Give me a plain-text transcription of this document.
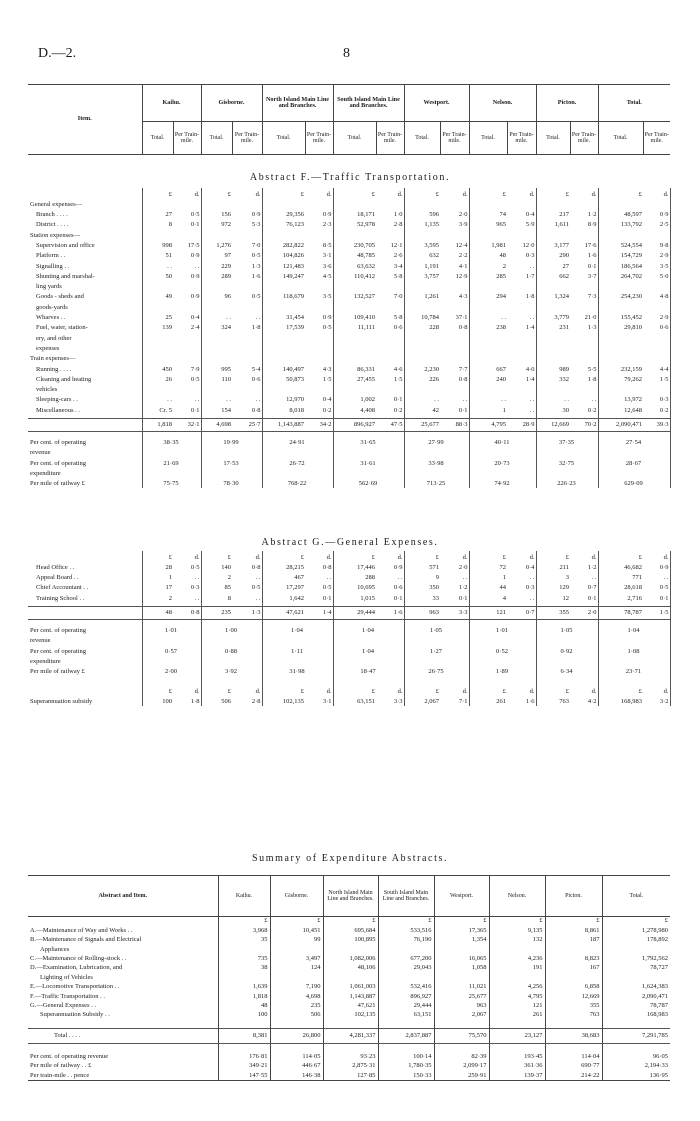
D.—2.	8
Item.	Kaihu.		Gisborne.		North Island Main Line and Branches.		South Island Main Line and Branches.		Westport.		Nelson.		Picton.		Total.	
	Total.	Per Train-mile.	Total.	Per Train-mile.	Total.	Per Train-mile.	Total.	Per Train-mile.	Total.	Per Train-mile.	Total.	Per Train-mile.	Total.	Per Train-mile.	Total.	Per Train-mile.
Abstract F.—Traffic Transportation.
	£	d.	£	d.	£	d.	£	d.	£	d.	£	d.	£	d.	£	d.
General expenses—																
Branch . . . .	27	0·5	156	0·9	29,356	0·9	18,171	1·0	596	2·0	74	0·4	217	1·2	48,597	0·9
District . . . .	8	0·1	972	5·3	76,123	2·3	52,978	2·8	1,135	3·9	965	5·9	1,611	8·9	133,792	2·5
Station expenses—																
Supervision and office	998	17·5	1,276	7·0	282,822	8·5	230,705	12·1	3,595	12·4	1,981	12·0	3,177	17·6	524,554	9·8
Platform . .	51	0·9	97	0·5	104,826	3·1	48,785	2·6	632	2·2	48	0·3	290	1·6	154,729	2·9
Signalling . .	. .	. .	229	1·3	121,483	3·6	63,632	3·4	1,191	4·1	2	. .	27	0·1	186,564	3·5
Shunting and marshal-	50	0·9	289	1·6	149,247	4·5	110,412	5·8	3,757	12·9	285	1·7	662	3·7	264,702	5·0
ling yards																
Goods - sheds and	49	0·9	96	0·5	118,679	3·5	132,527	7·0	1,261	4·3	294	1·8	1,324	7·3	254,230	4·8
goods-yards																
Wharves . .	25	0·4	. .	. .	31,454	0·9	109,410	5·8	10,784	37·1	. .	. .	3,779	21·0	155,452	2·9
Fuel, water, station-	139	2·4	324	1·8	17,539	0·5	11,111	0·6	228	0·8	238	1·4	231	1·3	29,810	0·6
ery, and other																
expenses																
Train expenses—																
Running . . . .	450	7·9	995	5·4	140,497	4·3	86,331	4·6	2,230	7·7	667	4·0	989	5·5	232,159	4·4
Cleaning and heating	26	0·5	110	0·6	50,873	1·5	27,455	1·5	226	0·8	240	1·4	332	1·8	79,262	1·5
vehicles																
Sleeping-cars . .	. .	. .	. .	. .	12,970	0·4	1,002	0·1	. .	. .	. .	. .	. .	. .	13,972	0·3
Miscellaneous . .	Cr. 5	0·1	154	0·8	8,018	0·2	4,408	0·2	42	0·1	1	. .	30	0·2	12,648	0·2

	1,818	32·1	4,698	25·7	1,143,887	34·2	896,927	47·5	25,677	88·3	4,795	28·9	12,669	70·2	2,090,471	39·3

Per cent. of operating	38·35		19·99		24·91		31·65		27·99		40·11		37·35		27·54	
revenue																
Per cent. of operating	21·69		17·53		26·72		31·61		33·98		20·73		32·75		28·67	
expenditure																
Per mile of railway £	75·75		78·30		768·22		562·69		713·25		74·92		226·23		629·09	
Abstract G.—General Expenses.
	£	d.	£	d.	£	d.	£	d.	£	d.	£	d.	£	d.	£	d.
Head Office . .	28	0·5	140	0·8	28,215	0·8	17,446	0·9	571	2·0	72	0·4	211	1·2	46,682	0·9
Appeal Board . .	1	. .	2	. .	467	. .	288	. .	9	. .	1	. .	3	. .	771	. .
Chief Accountant . .	17	0·3	85	0·5	17,297	0·5	10,695	0·6	350	1·2	44	0·3	129	0·7	28,618	0·5
Training School . .	2	. .	8	. .	1,642	0·1	1,015	0·1	33	0·1	4	. .	12	0·1	2,716	0·1

	48	0·8	235	1·3	47,621	1·4	29,444	1·6	963	3·3	121	0·7	355	2·0	78,787	1·5

Per cent. of operating	1·01		1·00		1·04		1·04		1·05		1·01		1·05		1·04	
revenue																
Per cent. of operating	0·57		0·88		1·11		1·04		1·27		0·52		0·92		1·08	
expenditure																
Per mile of railway £	2·00		3·92		31·98		18·47		26·75		1·89		6·34		23·71	

	£	d.	£	d.	£	d.	£	d.	£	d.	£	d.	£	d.	£	d.
Superannuation subsidy	100	1·8	506	2·8	102,135	3·1	63,151	3·3	2,067	7·1	261	1·6	763	4·2	168,983	3·2
Summary of Expenditure Abstracts.
Abstract and Item.	Kaihu.	Gisborne.	North Island Main Line and Branches.	South Island Main Line and Branches.	Westport.	Nelson.	Picton.	Total.
	£	£	£	£	£	£	£	£
A.—Maintenance of Way and Works . .	3,968	10,451	695,684	533,516	17,365	9,135	8,861	1,278,980
B.—Maintenance of Signals and Electrical	35	99	100,895	76,190	1,354	132	187	178,892
Appliances								
C.—Maintenance of Rolling-stock . .	735	3,497	1,082,006	677,200	16,065	4,236	8,823	1,792,562
D.—Examination, Lubrication, and	38	124	48,106	29,043	1,058	191	167	78,727
Lighting of Vehicles								
E.—Locomotive Transportation . .	1,639	7,190	1,061,003	532,416	11,021	4,256	6,858	1,624,383
F.—Traffic Transportation . .	1,818	4,698	1,143,887	896,927	25,677	4,795	12,669	2,090,471
G.—General Expenses . .	48	235	47,621	29,444	963	121	355	78,787
Superannuation Subsidy . .	100	506	102,135	63,151	2,067	261	763	168,983

Total . . . .	8,381	26,800	4,281,337	2,837,887	75,570	23,127	38,683	7,291,785

Per cent. of operating revenue	176·81	114·05	93·23	100·14	82·39	193·45	114·04	96·05
Per mile of railway . . £	349·21	446·67	2,875·31	1,780·35	2,099·17	361·36	690·77	2,194·33
Per train-mile . . pence	147·55	146·38	127·85	150·33	259·91	139·37	214·22	136·95
